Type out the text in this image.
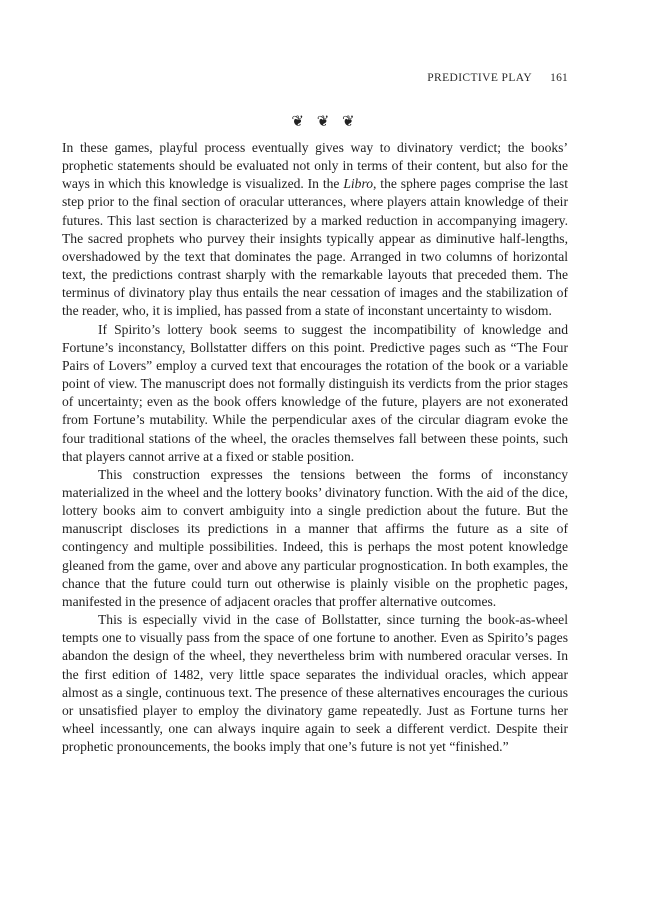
PREDICTIVE PLAY 161
❦ ❦ ❦

In these games, playful process eventually gives way to divinatory verdict; the books’ prophetic statements should be evaluated not only in terms of their content, but also for the ways in which this knowledge is visualized. In the Libro, the sphere pages comprise the last step prior to the final section of oracular utterances, where players attain knowledge of their futures. This last section is characterized by a marked reduction in accompanying imagery. The sacred prophets who purvey their insights typically appear as diminutive half-lengths, overshadowed by the text that dominates the page. Arranged in two columns of horizontal text, the predictions contrast sharply with the remarkable layouts that preceded them. The terminus of divinatory play thus entails the near cessation of images and the stabilization of the reader, who, it is implied, has passed from a state of inconstant uncertainty to wisdom.

If Spirito’s lottery book seems to suggest the incompatibility of knowledge and Fortune’s inconstancy, Bollstatter differs on this point. Predictive pages such as “The Four Pairs of Lovers” employ a curved text that encourages the rotation of the book or a variable point of view. The manuscript does not formally distinguish its verdicts from the prior stages of uncertainty; even as the book offers knowledge of the future, players are not exonerated from Fortune’s mutability. While the perpendicular axes of the circular diagram evoke the four traditional stations of the wheel, the oracles themselves fall between these points, such that players cannot arrive at a fixed or stable position.

This construction expresses the tensions between the forms of inconstancy materialized in the wheel and the lottery books’ divinatory function. With the aid of the dice, lottery books aim to convert ambiguity into a single prediction about the future. But the manuscript discloses its predictions in a manner that affirms the future as a site of contingency and multiple possibilities. Indeed, this is perhaps the most potent knowledge gleaned from the game, over and above any particular prognostication. In both examples, the chance that the future could turn out otherwise is plainly visible on the prophetic pages, manifested in the presence of adjacent oracles that proffer alternative outcomes.

This is especially vivid in the case of Bollstatter, since turning the book-as-wheel tempts one to visually pass from the space of one fortune to another. Even as Spirito’s pages abandon the design of the wheel, they nevertheless brim with numbered oracular verses. In the first edition of 1482, very little space separates the individual oracles, which appear almost as a single, continuous text. The presence of these alternatives encourages the curious or unsatisfied player to employ the divinatory game repeatedly. Just as Fortune turns her wheel incessantly, one can always inquire again to seek a different verdict. Despite their prophetic pronouncements, the books imply that one’s future is not yet “finished.”
